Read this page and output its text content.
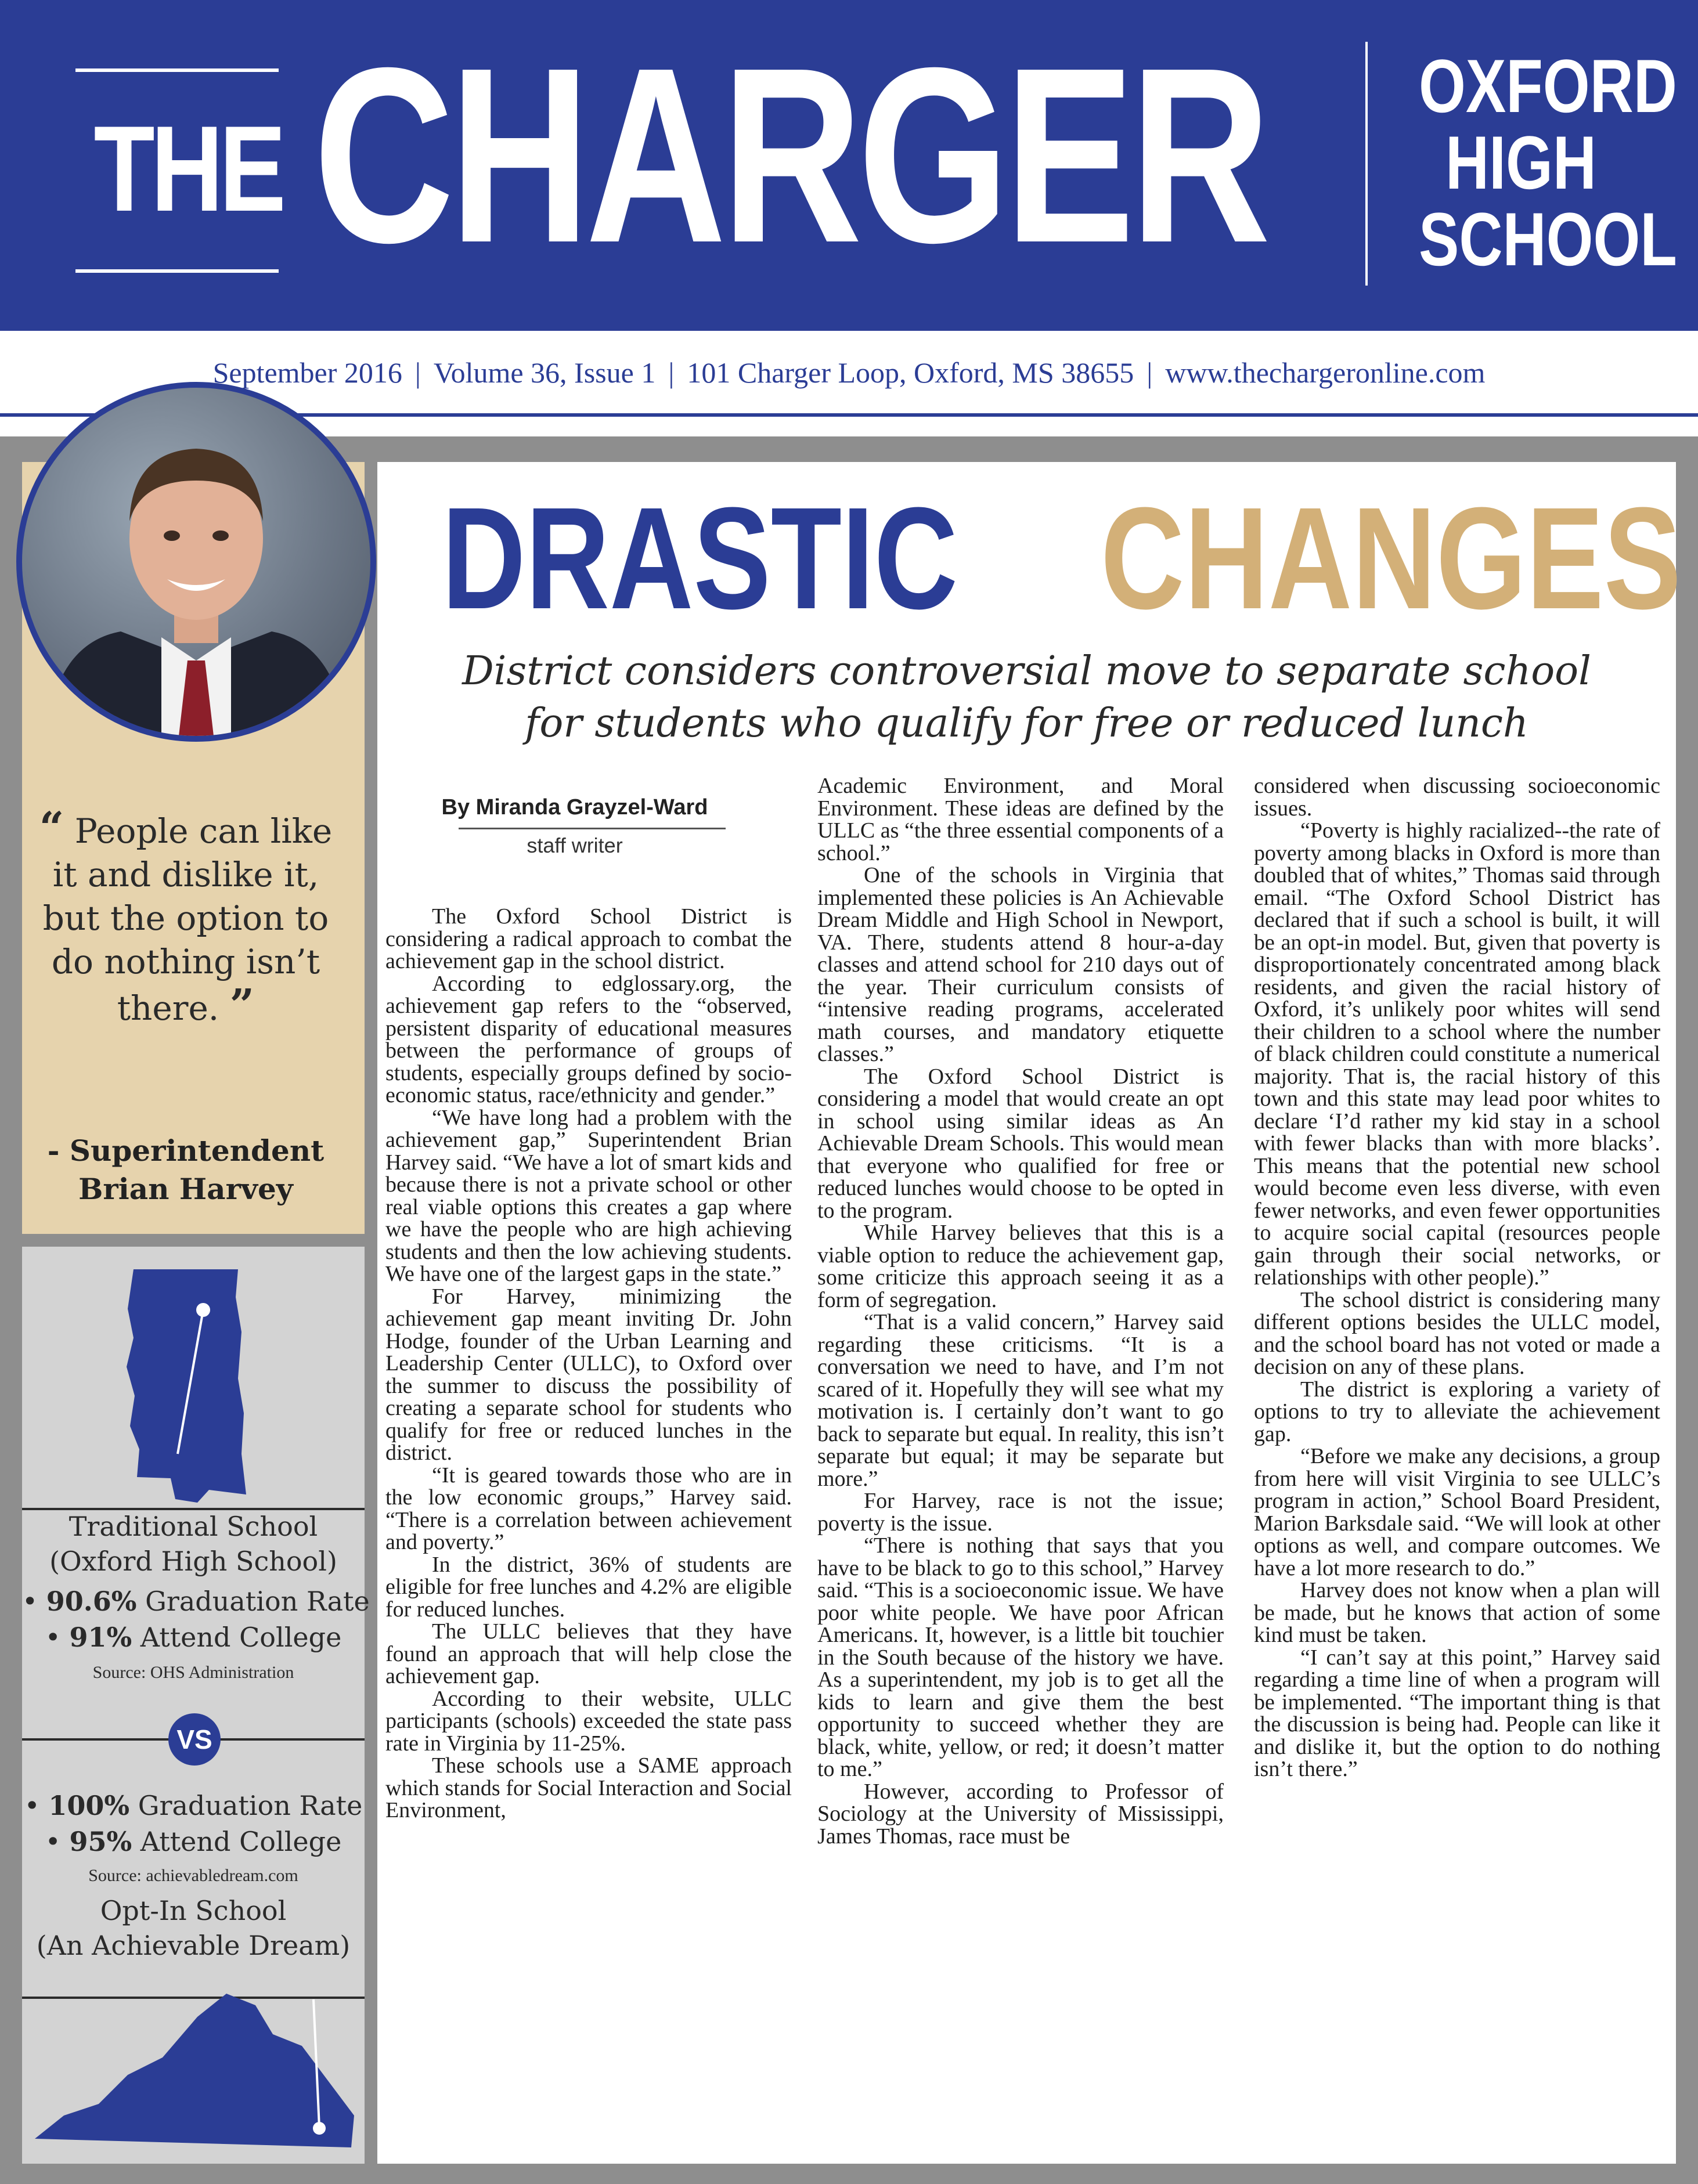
THE CHARGER OXFORD
HIGH
SCHOOL
September 2016 | Volume 36, Issue 1 | 101 Charger Loop, Oxford, MS 38655 | www.thechargeronline.com
“ People can like it and dislike it, but the option to do nothing isn’t there. ”
- Superintendent
Brian Harvey
Traditional School
(Oxford High School)
• 90.6% Graduation Rate
• 91% Attend College
Source: OHS Administration
VS
• 100% Graduation Rate
• 95% Attend College
Source: achievabledream.com
Opt-In School
(An Achievable Dream)
DRASTIC CHANGES
District considers controversial move to separate school
for students who qualify for free or reduced lunch
By Miranda Grayzel-Ward
staff writer

The Oxford School District is considering a radical approach to combat the achievement gap in the school district.

According to edglossary.org, the achievement gap refers to the “observed, persistent disparity of educational measures between the performance of groups of students, especially groups defined by socio-economic status, race/ethnicity and gender.”

“We have long had a problem with the achievement gap,” Superintendent Brian Harvey said. “We have a lot of smart kids and because there is not a private school or other real viable options this creates a gap where we have the people who are high achieving students and then the low achieving students. We have one of the largest gaps in the state.”

For Harvey, minimizing the achievement gap meant inviting Dr. John Hodge, founder of the Urban Learning and Leadership Center (ULLC), to Oxford over the summer to discuss the possibility of creating a separate school for students who qualify for free or reduced lunches in the district.

“It is geared towards those who are in the low economic groups,” Harvey said. “There is a correlation between achievement and poverty.”

In the district, 36% of students are eligible for free lunches and 4.2% are eligible for reduced lunches.

The ULLC believes that they have found an approach that will help close the achievement gap.

According to their website, ULLC participants (schools) exceeded the state pass rate in Virginia by 11-25%.

These schools use a SAME approach which stands for Social Interaction and Social Environment,

Academic Environment, and Moral Environment. These ideas are defined by the ULLC as “the three essential components of a school.”

One of the schools in Virginia that implemented these policies is An Achievable Dream Middle and High School in Newport, VA. There, students attend 8 hour-a-day classes and attend school for 210 days out of the year. Their curriculum consists of “intensive reading programs, accelerated math courses, and mandatory etiquette classes.”

The Oxford School District is considering a model that would create an opt in school using similar ideas as An Achievable Dream Schools. This would mean that everyone who qualified for free or reduced lunches would choose to be opted in to the program.

While Harvey believes that this is a viable option to reduce the achievement gap, some criticize this approach seeing it as a form of segregation.

“That is a valid concern,” Harvey said regarding these criticisms. “It is a conversation we need to have, and I’m not scared of it. Hopefully they will see what my motivation is. I certainly don’t want to go back to separate but equal. In reality, this isn’t separate but equal; it may be separate but more.”

For Harvey, race is not the issue; poverty is the issue.

“There is nothing that says that you have to be black to go to this school,” Harvey said. “This is a socioeconomic issue. We have poor white people. We have poor African Americans. It, however, is a little bit touchier in the South because of the history we have. As a superintendent, my job is to get all the kids to learn and give them the best opportunity to succeed whether they are black, white, yellow, or red; it doesn’t matter to me.”

However, according to Professor of Sociology at the University of Mississippi, James Thomas, race must be

considered when discussing socioeconomic issues.

“Poverty is highly racialized--the rate of poverty among blacks in Oxford is more than doubled that of whites,” Thomas said through email. “The Oxford School District has declared that if such a school is built, it will be an opt-in model. But, given that poverty is disproportionately concentrated among black residents, and given the racial history of Oxford, it’s unlikely poor whites will send their children to a school where the number of black children could constitute a numerical majority. That is, the racial history of this town and this state may lead poor whites to declare ‘I’d rather my kid stay in a school with fewer blacks than with more blacks’. This means that the potential new school would become even less diverse, with even fewer networks, and even fewer opportunities to acquire social capital (resources people gain through their social networks, or relationships with other people).”

The school district is considering many different options besides the ULLC model, and the school board has not voted or made a decision on any of these plans.

The district is exploring a variety of options to try to alleviate the achievement gap.

“Before we make any decisions, a group from here will visit Virginia to see ULLC’s program in action,” School Board President, Marion Barksdale said. “We will look at other options as well, and compare outcomes. We have a lot more research to do.”

Harvey does not know when a plan will be made, but he knows that action of some kind must be taken.

“I can’t say at this point,” Harvey said regarding a time line of when a program will be implemented. “The important thing is that the discussion is being had. People can like it and dislike it, but the option to do nothing isn’t there.”
